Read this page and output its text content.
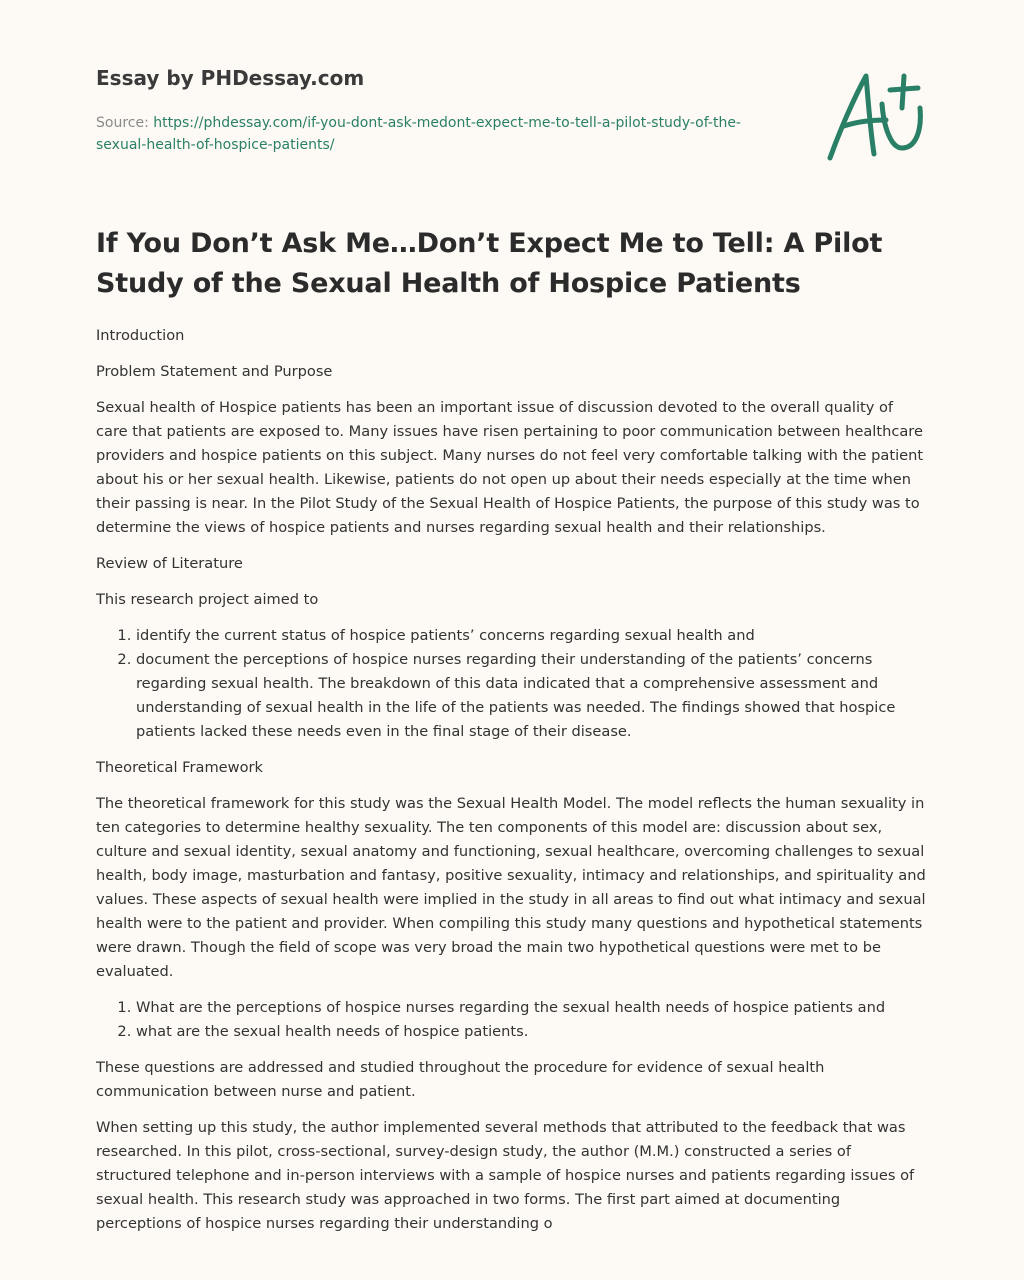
Essay by PHDessay.com
Source: https://phdessay.com/if-you-dont-ask-medont-expect-me-to-tell-a-pilot-study-of-the-sexual-health-of-hospice-patients/
If You Don’t Ask Me…Don’t Expect Me to Tell: A Pilot Study of the Sexual Health of Hospice Patients

Introduction

Problem Statement and Purpose

Sexual health of Hospice patients has been an important issue of discussion devoted to the overall quality of care that patients are exposed to. Many issues have risen pertaining to poor communication between healthcare providers and hospice patients on this subject. Many nurses do not feel very comfortable talking with the patient about his or her sexual health. Likewise, patients do not open up about their needs especially at the time when their passing is near. In the Pilot Study of the Sexual Health of Hospice Patients, the purpose of this study was to determine the views of hospice patients and nurses regarding sexual health and their relationships.

Review of Literature

This research project aimed to

1. identify the current status of hospice patients’ concerns regarding sexual health and
2. document the perceptions of hospice nurses regarding their understanding of the patients’ concerns regarding sexual health. The breakdown of this data indicated that a comprehensive assessment and understanding of sexual health in the life of the patients was needed. The findings showed that hospice patients lacked these needs even in the final stage of their disease.

Theoretical Framework

The theoretical framework for this study was the Sexual Health Model. The model reflects the human sexuality in ten categories to determine healthy sexuality. The ten components of this model are: discussion about sex, culture and sexual identity, sexual anatomy and functioning, sexual healthcare, overcoming challenges to sexual health, body image, masturbation and fantasy, positive sexuality, intimacy and relationships, and spirituality and values. These aspects of sexual health were implied in the study in all areas to find out what intimacy and sexual health were to the patient and provider. When compiling this study many questions and hypothetical statements were drawn. Though the field of scope was very broad the main two hypothetical questions were met to be evaluated.

1. What are the perceptions of hospice nurses regarding the sexual health needs of hospice patients and
2. what are the sexual health needs of hospice patients.

These questions are addressed and studied throughout the procedure for evidence of sexual health communication between nurse and patient.

When setting up this study, the author implemented several methods that attributed to the feedback that was researched. In this pilot, cross-sectional, survey-design study, the author (M.M.) constructed a series of structured telephone and in-person interviews with a sample of hospice nurses and patients regarding issues of sexual health. This research study was approached in two forms. The first part aimed at documenting perceptions of hospice nurses regarding their understanding o
